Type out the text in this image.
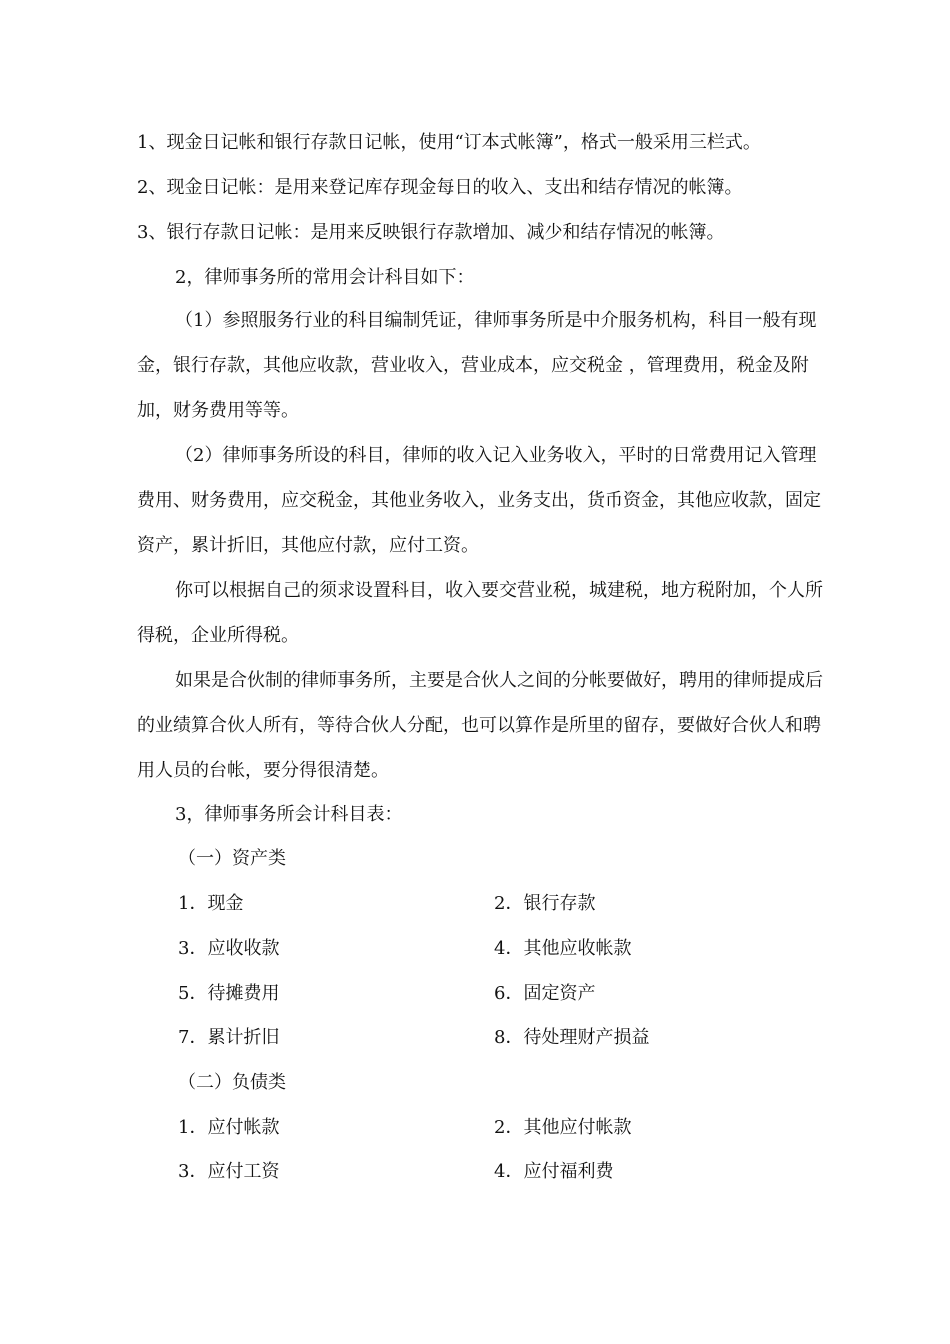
1、现金日记帐和银行存款日记帐，使用“订本式帐簿”，格式一般采用三栏式。
2、现金日记帐：是用来登记库存现金每日的收入、支出和结存情况的帐簿。
3、银行存款日记帐：是用来反映银行存款增加、减少和结存情况的帐簿。
2，律师事务所的常用会计科目如下：
（1）参照服务行业的科目编制凭证，律师事务所是中介服务机构，科目一般有现金，银行存款，其他应收款，营业收入，营业成本，应交税金 ，管理费用，税金及附加，财务费用等等。
（2）律师事务所设的科目，律师的收入记入业务收入，平时的日常费用记入管理费用、财务费用，应交税金，其他业务收入，业务支出，货币资金，其他应收款，固定资产，累计折旧，其他应付款，应付工资。
你可以根据自己的须求设置科目，收入要交营业税，城建税，地方税附加，个人所得税，企业所得税。
如果是合伙制的律师事务所，主要是合伙人之间的分帐要做好，聘用的律师提成后的业绩算合伙人所有，等待合伙人分配，也可以算作是所里的留存，要做好合伙人和聘用人员的台帐，要分得很清楚。
3，律师事务所会计科目表：
（一）资产类
1．现金	2．银行存款
3．应收收款	4．其他应收帐款
5．待摊费用	6．固定资产
7．累计折旧	8．待处理财产损益
（二）负债类
1．应付帐款	2．其他应付帐款
3．应付工资	4．应付福利费
